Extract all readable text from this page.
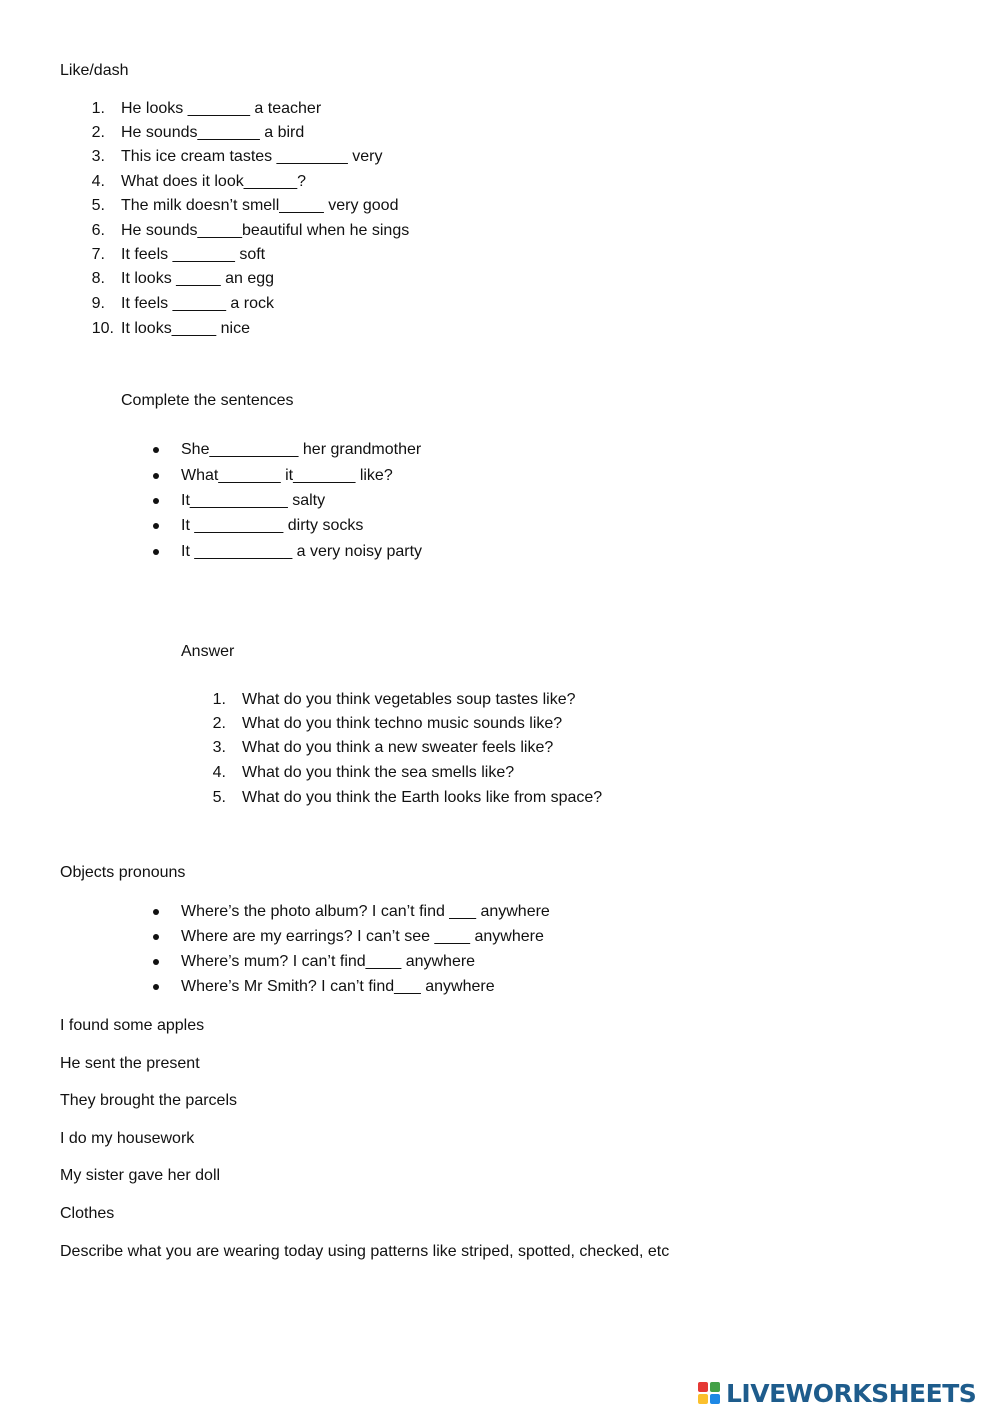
Like/dash
1. He looks _______ a teacher
2. He sounds_______ a bird
3. This ice cream tastes ________ very
4. What does it look______?
5. The milk doesn’t smell_____ very good
6. He sounds_____beautiful when he sings
7. It feels _______ soft
8. It looks _____ an egg
9. It feels ______ a rock
10. It looks_____ nice
Complete the sentences
She__________ her grandmother
What_______ it_______ like?
It___________ salty
It __________ dirty socks
It ___________ a very noisy party
Answer
1. What do you think vegetables soup tastes like?
2. What do you think techno music sounds like?
3. What do you think a new sweater feels like?
4. What do you think the sea smells like?
5. What do you think the Earth looks like from space?
Objects pronouns
Where’s the photo album? I can’t find ___ anywhere
Where are my earrings? I can’t see ____ anywhere
Where’s mum? I can’t find____ anywhere
Where’s Mr Smith? I can’t find___ anywhere
I found some apples
He sent the present
They brought the parcels
I do my housework
My sister gave her doll
Clothes
Describe what you are wearing today using patterns like striped, spotted, checked, etc
LIVEWORKSHEETS
